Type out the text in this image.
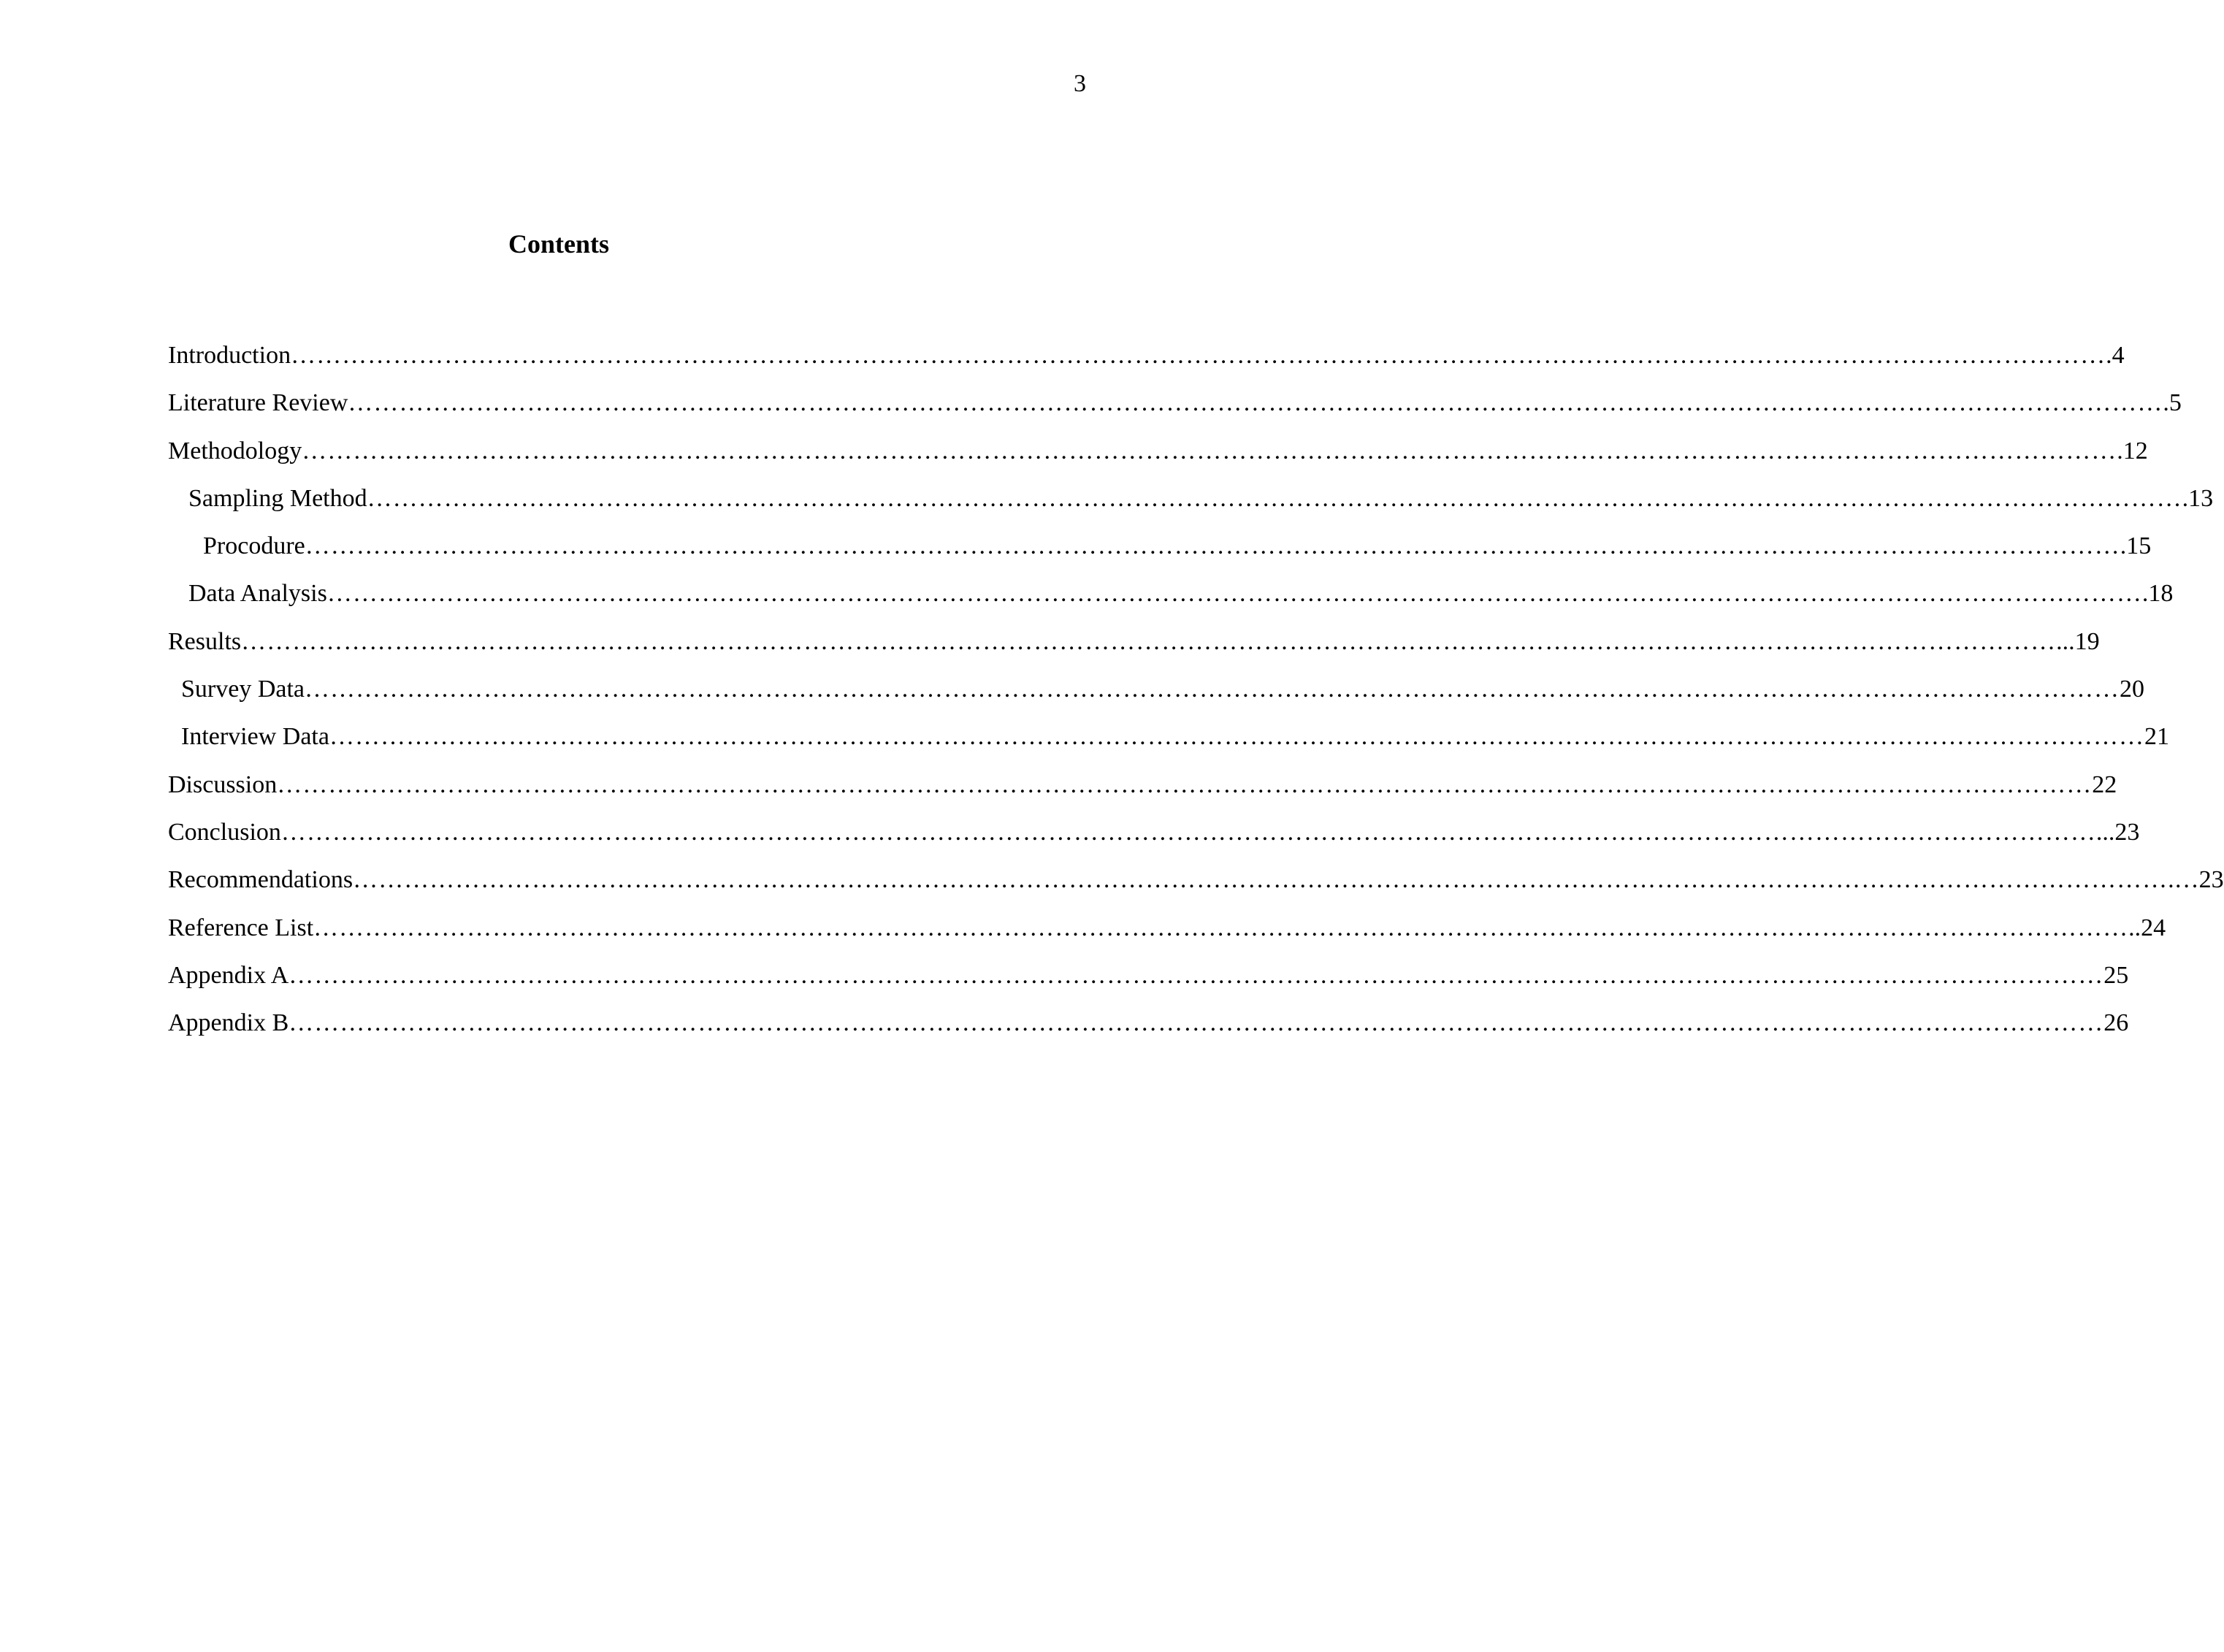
3
Contents
Introduction …………………………………………………………………………………………………………………………………………………………………………………………… .4
Literature Review …………………………………………………………………………………………………………………………………………………………………………………………… .5
Methodology …………………………………………………………………………………………………………………………………………………………………………………………… .12
Sampling Method …………………………………………………………………………………………………………………………………………………………………………………………… .13
Procodure …………………………………………………………………………………………………………………………………………………………………………………………… .15
Data Analysis …………………………………………………………………………………………………………………………………………………………………………………………… .18
Results …………………………………………………………………………………………………………………………………………………………………………………………… ...19
Survey Data …………………………………………………………………………………………………………………………………………………………………………………………… 20
Interview Data …………………………………………………………………………………………………………………………………………………………………………………………… 21
Discussion …………………………………………………………………………………………………………………………………………………………………………………………… 22
Conclusion …………………………………………………………………………………………………………………………………………………………………………………………… ...23
Recommendations …………………………………………………………………………………………………………………………………………………………………………………………… .…23
Reference List …………………………………………………………………………………………………………………………………………………………………………………………… ..24
Appendix A …………………………………………………………………………………………………………………………………………………………………………………………… 25
Appendix B …………………………………………………………………………………………………………………………………………………………………………………………… 26
